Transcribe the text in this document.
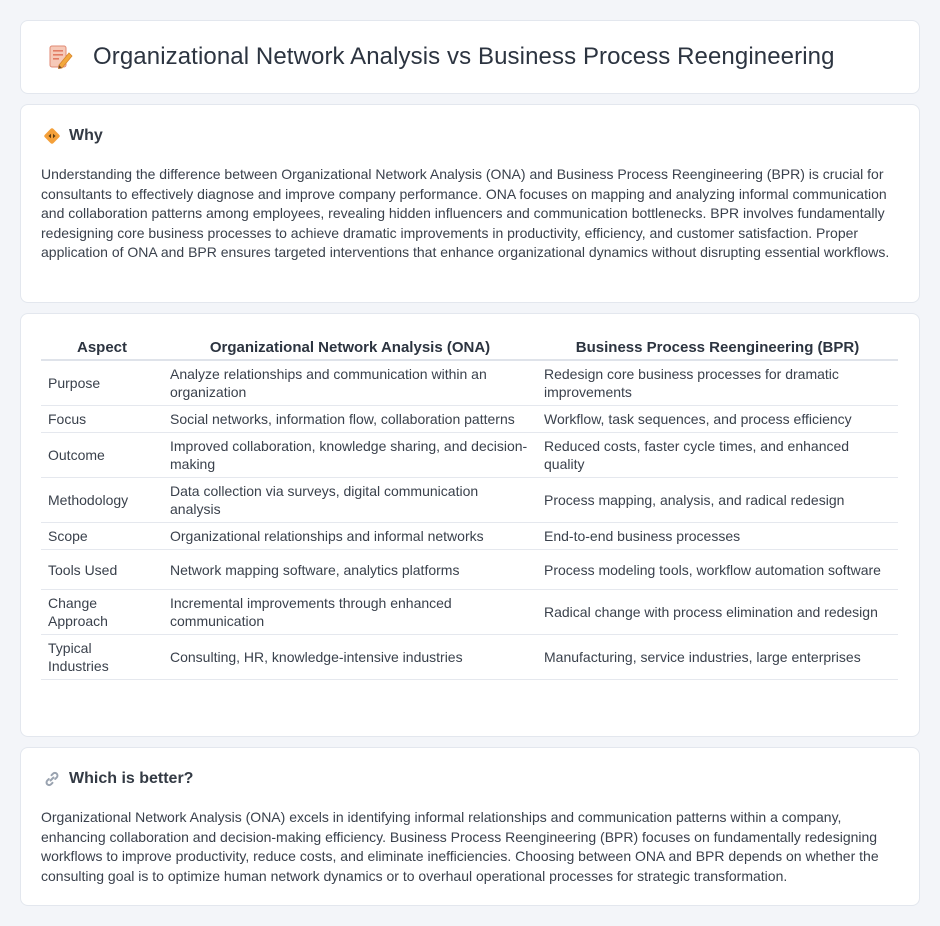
Organizational Network Analysis vs Business Process Reengineering
Why

Understanding the difference between Organizational Network Analysis (ONA) and Business Process Reengineering (BPR) is crucial for consultants to effectively diagnose and improve company performance. ONA focuses on mapping and analyzing informal communication and collaboration patterns among employees, revealing hidden influencers and communication bottlenecks. BPR involves fundamentally redesigning core business processes to achieve dramatic improvements in productivity, efficiency, and customer satisfaction. Proper application of ONA and BPR ensures targeted interventions that enhance organizational dynamics without disrupting essential workflows.

Aspect	Organizational Network Analysis (ONA)	Business Process Reengineering (BPR)
Purpose	Analyze relationships and communication within an organization	Redesign core business processes for dramatic improvements
Focus	Social networks, information flow, collaboration patterns	Workflow, task sequences, and process efficiency
Outcome	Improved collaboration, knowledge sharing, and decision-making	Reduced costs, faster cycle times, and enhanced quality
Methodology	Data collection via surveys, digital communication analysis	Process mapping, analysis, and radical redesign
Scope	Organizational relationships and informal networks	End-to-end business processes
Tools Used	Network mapping software, analytics platforms	Process modeling tools, workflow automation software
Change Approach	Incremental improvements through enhanced communication	Radical change with process elimination and redesign
Typical Industries	Consulting, HR, knowledge-intensive industries	Manufacturing, service industries, large enterprises
Which is better?

Organizational Network Analysis (ONA) excels in identifying informal relationships and communication patterns within a company, enhancing collaboration and decision-making efficiency. Business Process Reengineering (BPR) focuses on fundamentally redesigning workflows to improve productivity, reduce costs, and eliminate inefficiencies. Choosing between ONA and BPR depends on whether the consulting goal is to optimize human network dynamics or to overhaul operational processes for strategic transformation.
